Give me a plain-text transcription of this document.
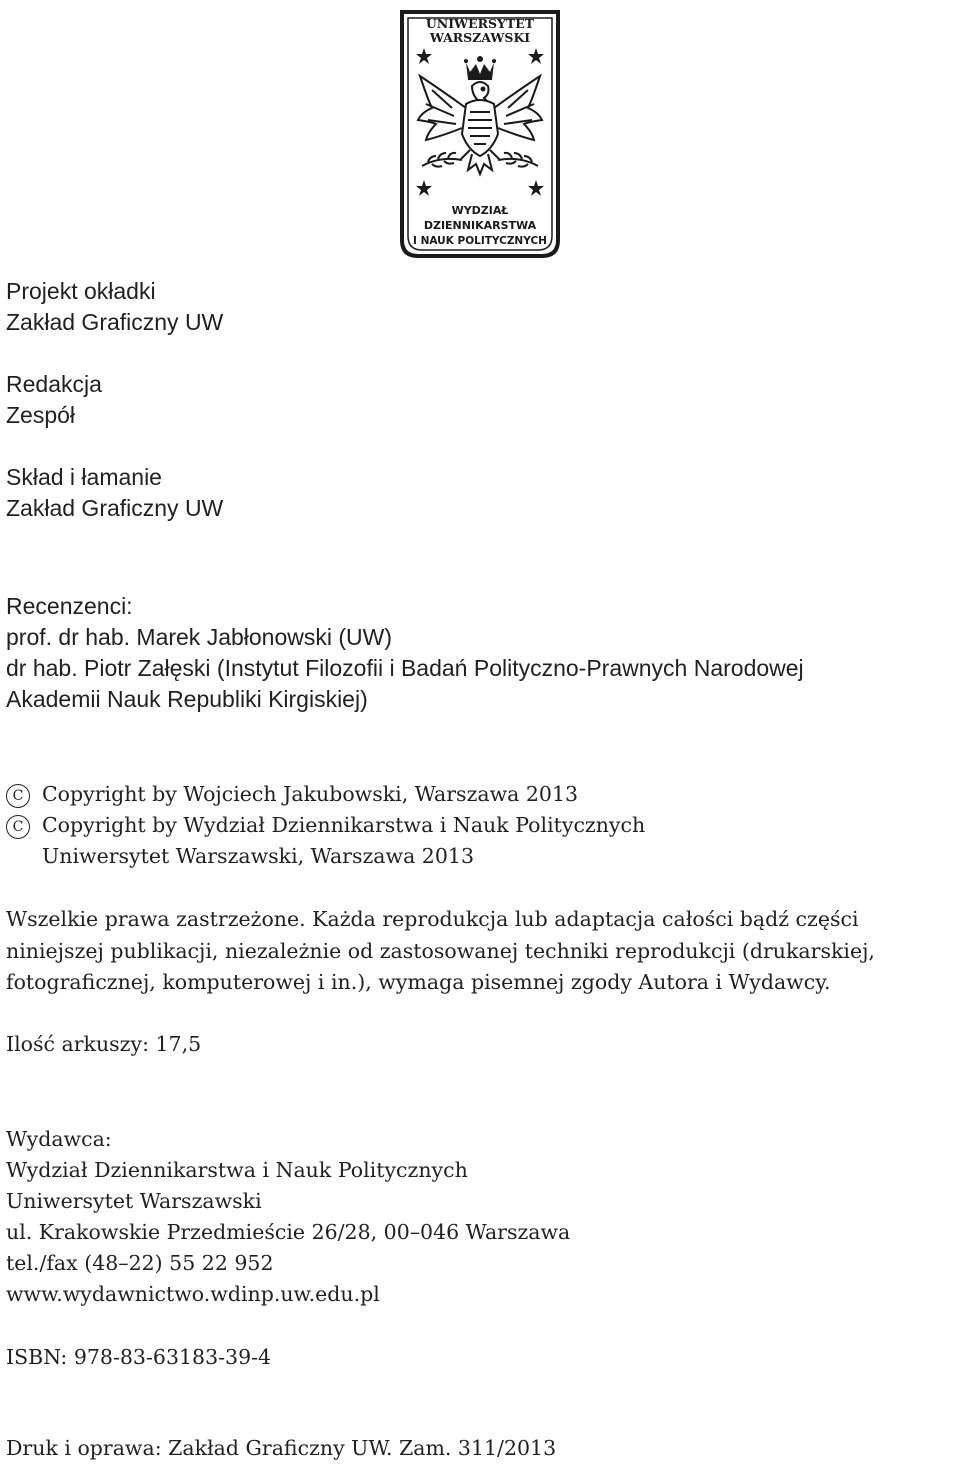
UNIWERSYTET
WARSZAWSKI
WYDZIAŁ
DZIENNIKARSTWA
I NAUK POLITYCZNYCH
Projekt okładki
Zakład Graficzny UW
Redakcja
Zespół
Skład i łamanie
Zakład Graficzny UW
Recenzenci:
prof. dr hab. Marek Jabłonowski (UW)
dr hab. Piotr Załęski (Instytut Filozofii i Badań Polityczno-Prawnych Narodowej
Akademii Nauk Republiki Kirgiskiej)
C Copyright by Wojciech Jakubowski, Warszawa 2013
C Copyright by Wydział Dziennikarstwa i Nauk Politycznych
Uniwersytet Warszawski, Warszawa 2013
Wszelkie prawa zastrzeżone. Każda reprodukcja lub adaptacja całości bądź części
niniejszej publikacji, niezależnie od zastosowanej techniki reprodukcji (drukarskiej,
fotograficznej, komputerowej i in.), wymaga pisemnej zgody Autora i Wydawcy.
Ilość arkuszy: 17,5
Wydawca:
Wydział Dziennikarstwa i Nauk Politycznych
Uniwersytet Warszawski
ul. Krakowskie Przedmieście 26/28, 00–046 Warszawa
tel./fax (48–22) 55 22 952
www.wydawnictwo.wdinp.uw.edu.pl
ISBN: 978-83-63183-39-4
Druk i oprawa: Zakład Graficzny UW. Zam. 311/2013
